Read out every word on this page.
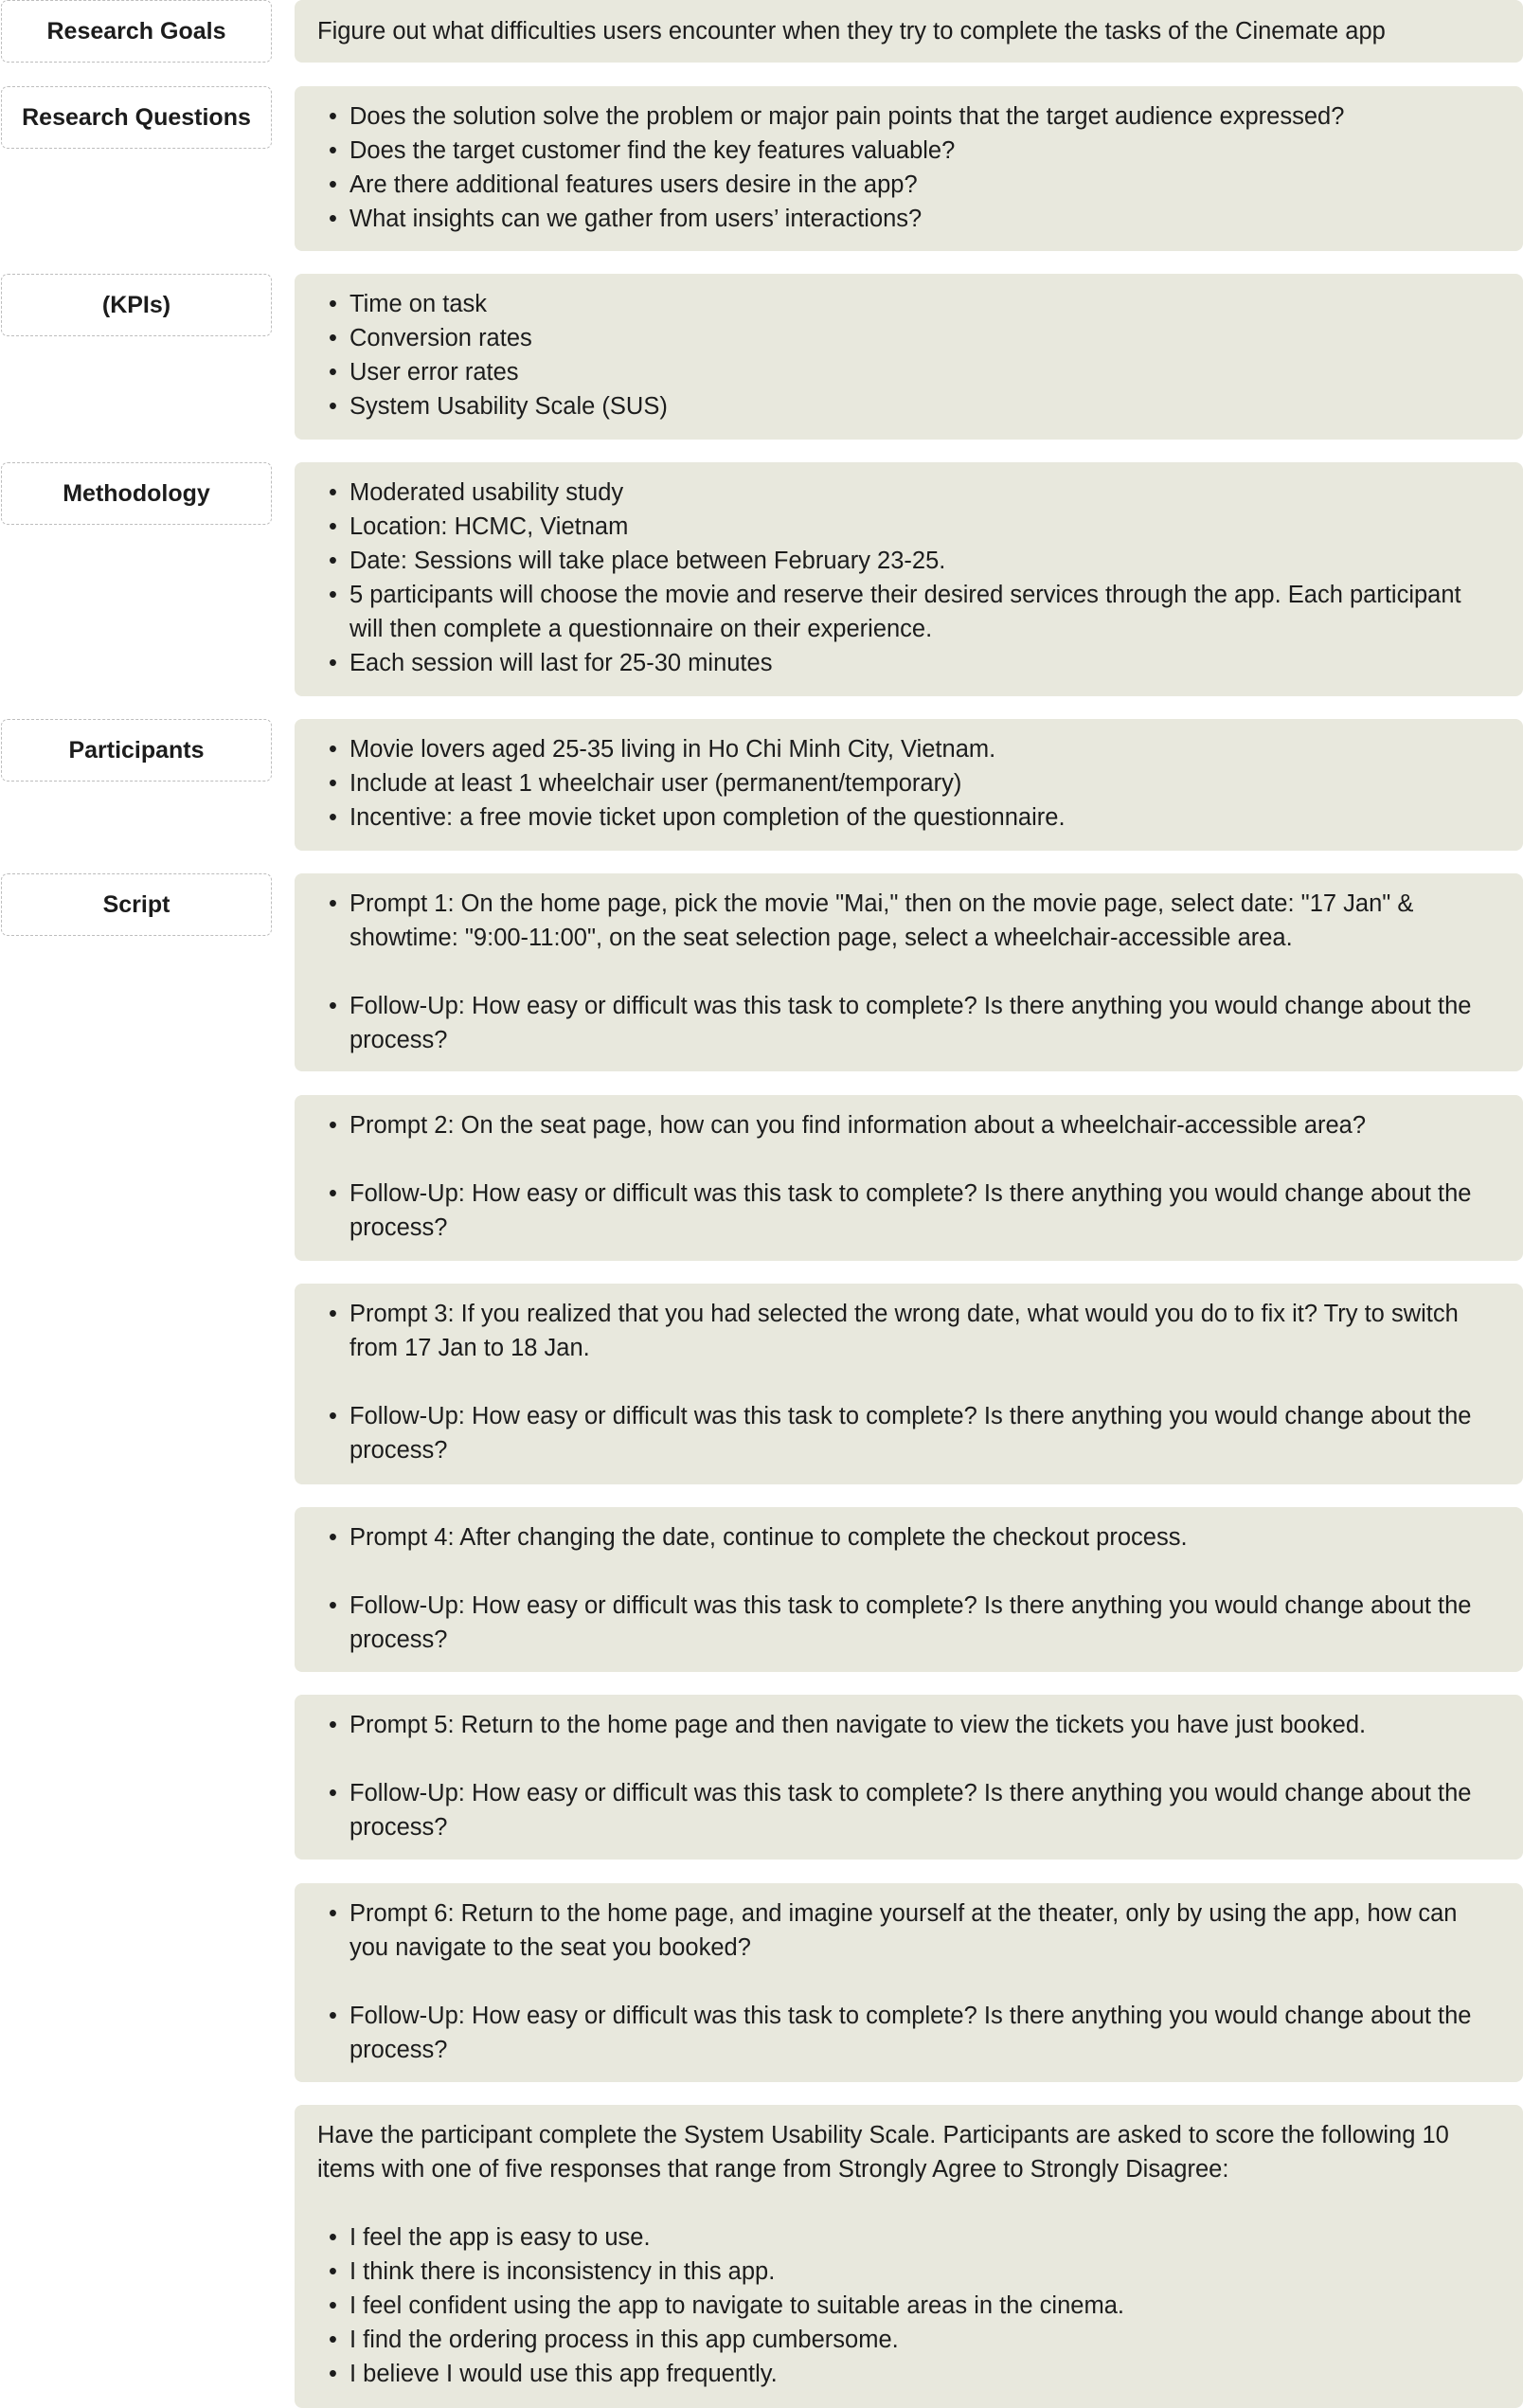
Research Goals
Research Questions
(KPIs)
Methodology
Participants
Script
Figure out what difficulties users encounter when they try to complete the tasks of the Cinemate app
• Does the solution solve the problem or major pain points that the target audience expressed?
• Does the target customer find the key features valuable?
• Are there additional features users desire in the app?
• What insights can we gather from users’ interactions?
• Time on task
• Conversion rates
• User error rates
• System Usability Scale (SUS)
• Moderated usability study
• Location: HCMC, Vietnam
• Date: Sessions will take place between February 23-25.
• 5 participants will choose the movie and reserve their desired services through the app. Each participant will then complete a questionnaire on their experience.
• Each session will last for 25-30 minutes
• Movie lovers aged 25-35 living in Ho Chi Minh City, Vietnam.
• Include at least 1 wheelchair user (permanent/temporary)
• Incentive: a free movie ticket upon completion of the questionnaire.
• Prompt 1: On the home page, pick the movie "Mai," then on the movie page, select date: "17 Jan" & showtime: "9:00-11:00", on the seat selection page, select a wheelchair-accessible area.
• Follow-Up: How easy or difficult was this task to complete? Is there anything you would change about the process?
• Prompt 2: On the seat page, how can you find information about a wheelchair-accessible area?
• Follow-Up: How easy or difficult was this task to complete? Is there anything you would change about the process?
• Prompt 3: If you realized that you had selected the wrong date, what would you do to fix it? Try to switch from 17 Jan to 18 Jan.
• Follow-Up: How easy or difficult was this task to complete? Is there anything you would change about the process?
• Prompt 4: After changing the date, continue to complete the checkout process.
• Follow-Up: How easy or difficult was this task to complete? Is there anything you would change about the process?
• Prompt 5: Return to the home page and then navigate to view the tickets you have just booked.
• Follow-Up: How easy or difficult was this task to complete? Is there anything you would change about the process?
• Prompt 6: Return to the home page, and imagine yourself at the theater, only by using the app, how can you navigate to the seat you booked?
• Follow-Up: How easy or difficult was this task to complete? Is there anything you would change about the process?
Have the participant complete the System Usability Scale. Participants are asked to score the following 10 items with one of five responses that range from Strongly Agree to Strongly Disagree:
• I feel the app is easy to use.
• I think there is inconsistency in this app.
• I feel confident using the app to navigate to suitable areas in the cinema.
• I find the ordering process in this app cumbersome.
• I believe I would use this app frequently.
